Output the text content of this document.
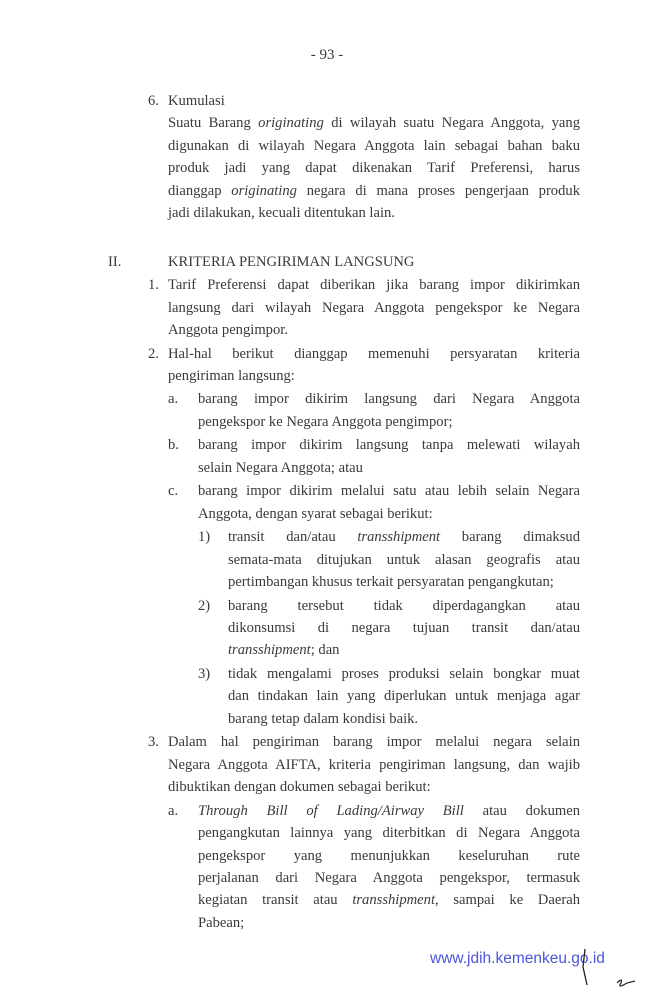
- 93 -
6. Kumulasi
Suatu Barang originating di wilayah suatu Negara Anggota, yang
digunakan di wilayah Negara Anggota lain sebagai bahan baku
produk jadi yang dapat dikenakan Tarif Preferensi, harus
dianggap originating negara di mana proses pengerjaan produk
jadi dilakukan, kecuali ditentukan lain.
II.	KRITERIA PENGIRIMAN LANGSUNG
1. Tarif Preferensi dapat diberikan jika barang impor dikirimkan
langsung dari wilayah Negara Anggota pengekspor ke Negara
Anggota pengimpor.
2. Hal-hal berikut dianggap memenuhi persyaratan kriteria
pengiriman langsung:
a. barang impor dikirim langsung dari Negara Anggota
pengekspor ke Negara Anggota pengimpor;
b. barang impor dikirim langsung tanpa melewati wilayah
selain Negara Anggota; atau
c. barang impor dikirim melalui satu atau lebih selain Negara
Anggota, dengan syarat sebagai berikut:
1) transit dan/atau transshipment barang dimaksud
semata-mata ditujukan untuk alasan geografis atau
pertimbangan khusus terkait persyaratan pengangkutan;
2) barang tersebut tidak diperdagangkan atau
dikonsumsi di negara tujuan transit dan/atau
transshipment; dan
3) tidak mengalami proses produksi selain bongkar muat
dan tindakan lain yang diperlukan untuk menjaga agar
barang tetap dalam kondisi baik.
3. Dalam hal pengiriman barang impor melalui negara selain
Negara Anggota AIFTA, kriteria pengiriman langsung, dan wajib
dibuktikan dengan dokumen sebagai berikut:
a. Through Bill of Lading/Airway Bill atau dokumen
pengangkutan lainnya yang diterbitkan di Negara Anggota
pengekspor yang menunjukkan keseluruhan rute
perjalanan dari Negara Anggota pengekspor, termasuk
kegiatan transit atau transshipment, sampai ke Daerah
Pabean;
www.jdih.kemenkeu.go.id
